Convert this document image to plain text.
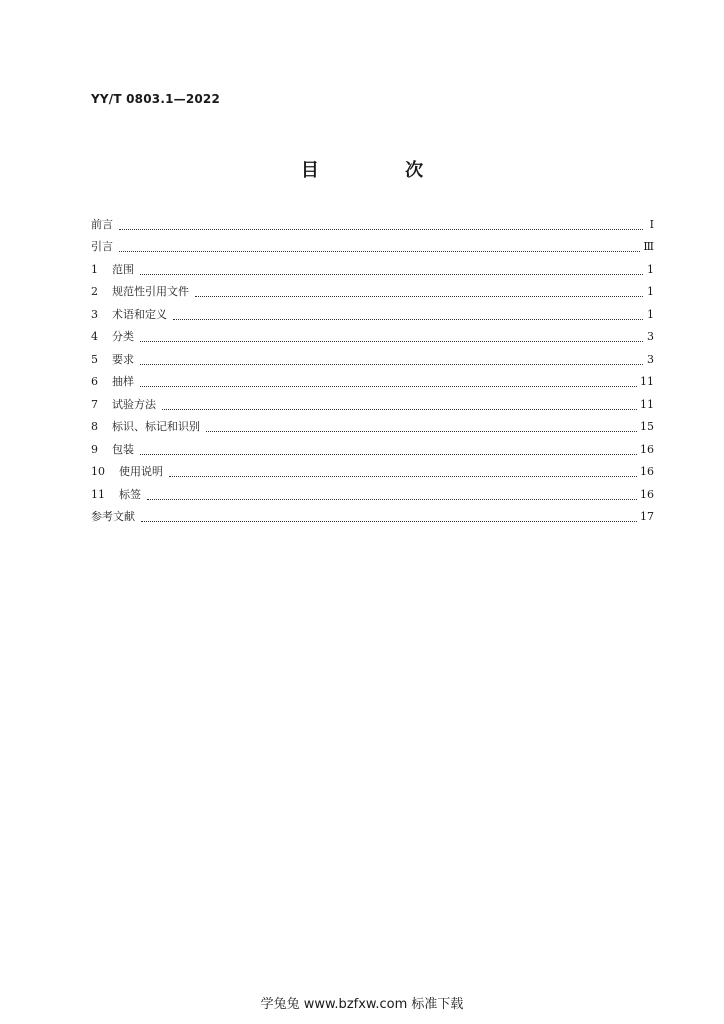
YY/T 0803.1—2022
目 次
前言	Ⅰ
引言	Ⅲ
1 范围	1
2 规范性引用文件	1
3 术语和定义	1
4 分类	3
5 要求	3
6 抽样	11
7 试验方法	11
8 标识、标记和识别	15
9 包装	16
10 使用说明	16
11 标签	16
参考文献	17
学兔兔 www.bzfxw.com 标准下载
